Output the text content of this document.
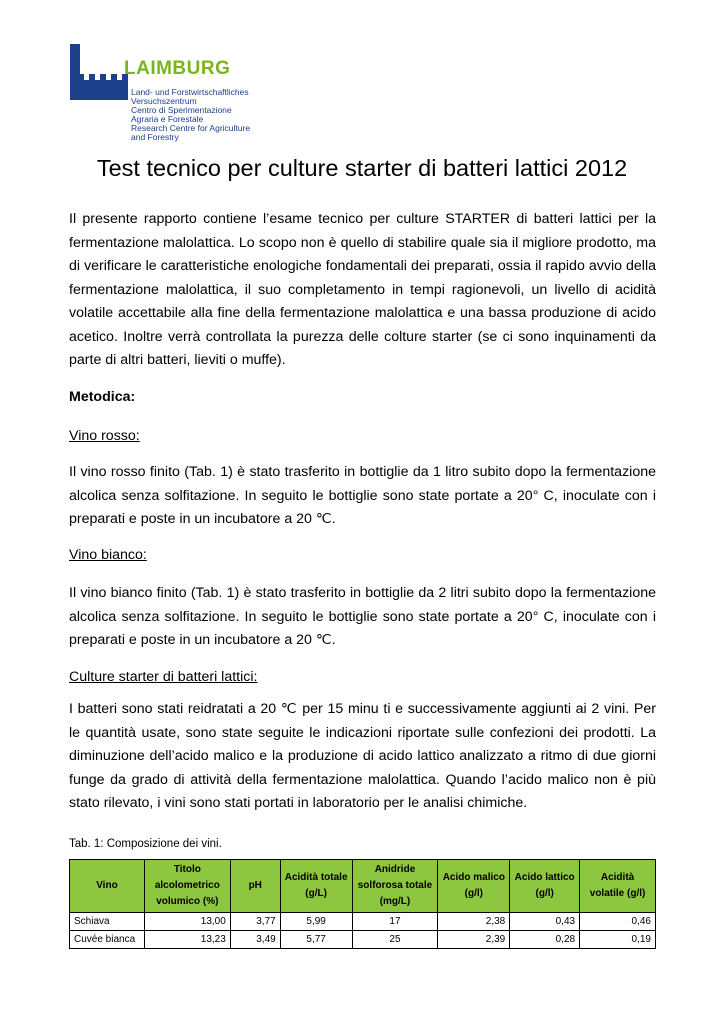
LAIMBURG
Land- und Forstwirtschaftliches
Versuchszentrum
Centro di Sperimentazione
Agraria e Forestale
Research Centre for Agriculture
and Forestry
Test tecnico per culture starter di batteri lattici 2012
Il presente rapporto contiene l’esame tecnico per culture STARTER di batteri lattici per la fermentazione malolattica. Lo scopo non è quello di stabilire quale sia il migliore prodotto, ma di verificare le caratteristiche enologiche fondamentali dei preparati, ossia il rapido avvio della fermentazione malolattica, il suo completamento in tempi ragionevoli, un livello di acidità volatile accettabile alla fine della fermentazione malolattica e una bassa produzione di acido acetico. Inoltre verrà controllata la purezza delle colture starter (se ci sono inquinamenti da parte di altri batteri, lieviti o muffe).
Metodica:
Vino rosso:
Il vino rosso finito (Tab. 1) è stato trasferito in bottiglie da 1 litro subito dopo la fermentazione alcolica senza solfitazione. In seguito le bottiglie sono state portate a 20° C, inoculate con i preparati e poste in un incubatore a 20 ℃.
Vino bianco:
Il vino bianco finito (Tab. 1) è stato trasferito in bottiglie da 2 litri subito dopo la fermentazione alcolica senza solfitazione. In seguito le bottiglie sono state portate a 20° C, inoculate con i preparati e poste in un incubatore a 20 ℃.
Culture starter di batteri lattici:
I batteri sono stati reidratati a 20 ℃ per 15 minu ti e successivamente aggiunti ai 2 vini. Per le quantità usate, sono state seguite le indicazioni riportate sulle confezioni dei prodotti. La diminuzione dell’acido malico e la produzione di acido lattico analizzato a ritmo di due giorni funge da grado di attività della fermentazione malolattica. Quando l’acido malico non è più stato rilevato, i vini sono stati portati in laboratorio per le analisi chimiche.
Tab. 1: Composizione dei vini.
Vino	Titolo alcolometrico volumico (%)	pH	Acidità totale (g/L)	Anidride solforosa totale (mg/L)	Acido malico (g/l)	Acido lattico (g/l)	Acidità volatile (g/l)
Schiava	13,00	3,77	5,99	17	2,38	0,43	0,46
Cuvée bianca	13,23	3,49	5,77	25	2,39	0,28	0,19
